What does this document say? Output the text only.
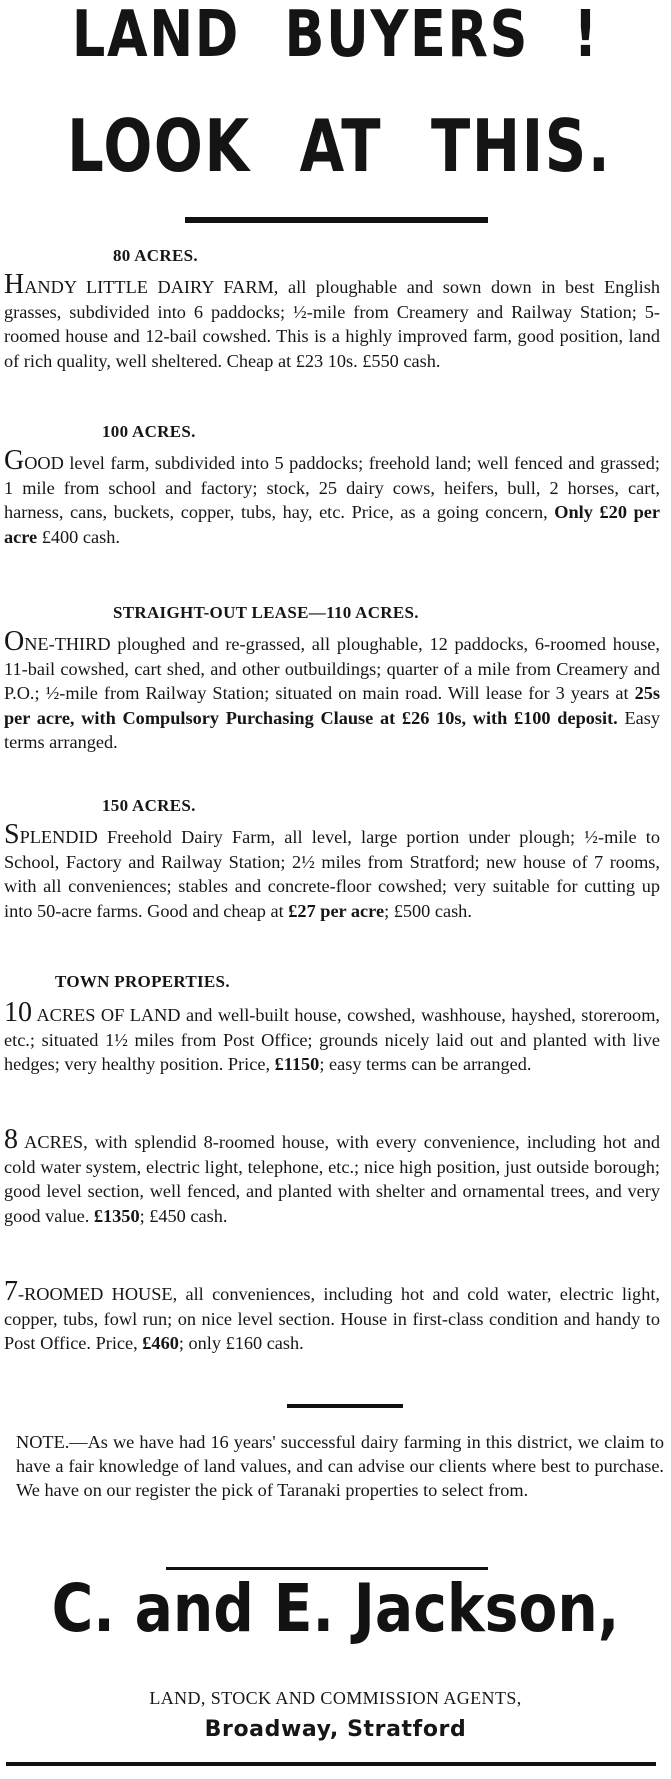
LAND BUYERS !
LOOK AT THIS.
80 ACRES.
HANDY LITTLE DAIRY FARM, all ploughable and sown down in best English grasses, subdivided into 6 paddocks; ½-mile from Creamery and Railway Station; 5-roomed house and 12-bail cowshed. This is a highly improved farm, good position, land of rich quality, well sheltered. Cheap at £23 10s. £550 cash.
100 ACRES.
GOOD level farm, subdivided into 5 paddocks; freehold land; well fenced and grassed; 1 mile from school and factory; stock, 25 dairy cows, heifers, bull, 2 horses, cart, harness, cans, buckets, copper, tubs, hay, etc. Price, as a going concern, Only £20 per acre £400 cash.
STRAIGHT-OUT LEASE—110 ACRES.
ONE-THIRD ploughed and re-grassed, all ploughable, 12 paddocks, 6-roomed house, 11-bail cowshed, cart shed, and other outbuildings; quarter of a mile from Creamery and P.O.; ½-mile from Railway Station; situated on main road. Will lease for 3 years at 25s per acre, with Compulsory Purchasing Clause at £26 10s, with £100 deposit. Easy terms arranged.
150 ACRES.
SPLENDID Freehold Dairy Farm, all level, large portion under plough; ½-mile to School, Factory and Railway Station; 2½ miles from Stratford; new house of 7 rooms, with all conveniences; stables and concrete-floor cowshed; very suitable for cutting up into 50-acre farms. Good and cheap at £27 per acre; £500 cash.
TOWN PROPERTIES.
10 ACRES OF LAND and well-built house, cowshed, washhouse, hayshed, storeroom, etc.; situated 1½ miles from Post Office; grounds nicely laid out and planted with live hedges; very healthy position. Price, £1150; easy terms can be arranged.
8 ACRES, with splendid 8-roomed house, with every convenience, including hot and cold water system, electric light, telephone, etc.; nice high position, just outside borough; good level section, well fenced, and planted with shelter and ornamental trees, and very good value. £1350; £450 cash.
7-ROOMED HOUSE, all conveniences, including hot and cold water, electric light, copper, tubs, fowl run; on nice level section. House in first-class condition and handy to Post Office. Price, £460; only £160 cash.
NOTE.—As we have had 16 years' successful dairy farming in this district, we claim to have a fair knowledge of land values, and can advise our clients where best to purchase. We have on our register the pick of Taranaki properties to select from.
C. and E. Jackson,
LAND, STOCK AND COMMISSION AGENTS,
Broadway, Stratford
